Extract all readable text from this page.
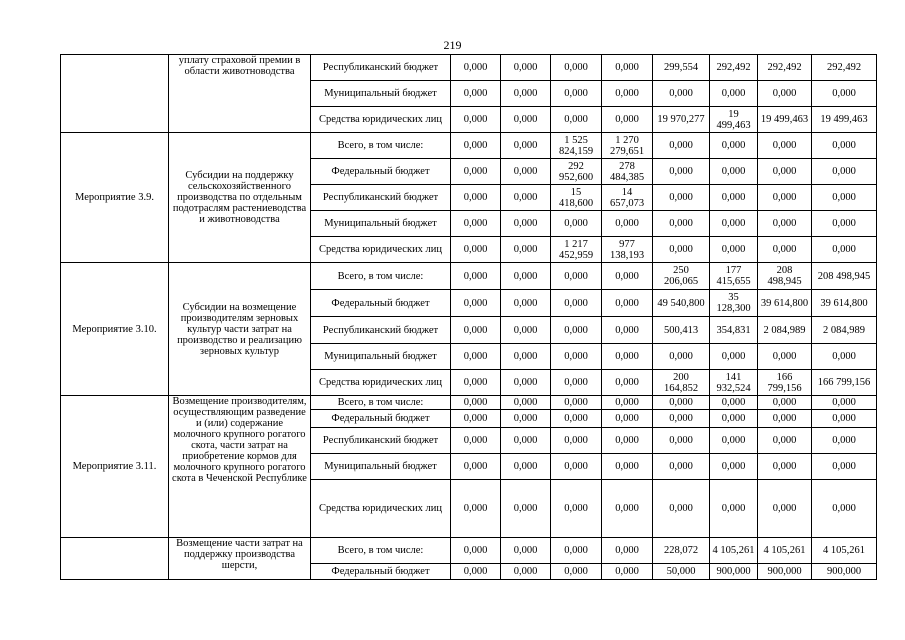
219
	уплату страховой премии в области животноводства	Республиканский бюджет	0,000	0,000	0,000	0,000	299,554	292,492	292,492	292,492
		Муниципальный бюджет	0,000	0,000	0,000	0,000	0,000	0,000	0,000	0,000
		Средства юридических лиц	0,000	0,000	0,000	0,000	19 970,277	19 499,463	19 499,463	19 499,463
Мероприятие 3.9.	Субсидии на поддержку сельскохозяйственного производства по отдельным подотраслям растениеводства и животноводства	Всего, в том числе:	0,000	0,000	1 525 824,159	1 270 279,651	0,000	0,000	0,000	0,000
		Федеральный бюджет	0,000	0,000	292 952,600	278 484,385	0,000	0,000	0,000	0,000
		Республиканский бюджет	0,000	0,000	15 418,600	14 657,073	0,000	0,000	0,000	0,000
		Муниципальный бюджет	0,000	0,000	0,000	0,000	0,000	0,000	0,000	0,000
		Средства юридических лиц	0,000	0,000	1 217 452,959	977 138,193	0,000	0,000	0,000	0,000
Мероприятие 3.10.	Субсидии на возмещение производителям зерновых культур части затрат на производство и реализацию зерновых культур	Всего, в том числе:	0,000	0,000	0,000	0,000	250 206,065	177 415,655	208 498,945	208 498,945
		Федеральный бюджет	0,000	0,000	0,000	0,000	49 540,800	35 128,300	39 614,800	39 614,800
		Республиканский бюджет	0,000	0,000	0,000	0,000	500,413	354,831	2 084,989	2 084,989
		Муниципальный бюджет	0,000	0,000	0,000	0,000	0,000	0,000	0,000	0,000
		Средства юридических лиц	0,000	0,000	0,000	0,000	200 164,852	141 932,524	166 799,156	166 799,156
Мероприятие 3.11.	Возмещение производителям, осуществляющим разведение и (или) содержание молочного крупного рогатого скота, части затрат на приобретение кормов для молочного крупного рогатого скота в Чеченской Республике	Всего, в том числе:	0,000	0,000	0,000	0,000	0,000	0,000	0,000	0,000
		Федеральный бюджет	0,000	0,000	0,000	0,000	0,000	0,000	0,000	0,000
		Республиканский бюджет	0,000	0,000	0,000	0,000	0,000	0,000	0,000	0,000
		Муниципальный бюджет	0,000	0,000	0,000	0,000	0,000	0,000	0,000	0,000
		Средства юридических лиц	0,000	0,000	0,000	0,000	0,000	0,000	0,000	0,000
	Возмещение части затрат на поддержку производства шерсти,	Всего, в том числе:	0,000	0,000	0,000	0,000	228,072	4 105,261	4 105,261	4 105,261
		Федеральный бюджет	0,000	0,000	0,000	0,000	50,000	900,000	900,000	900,000
